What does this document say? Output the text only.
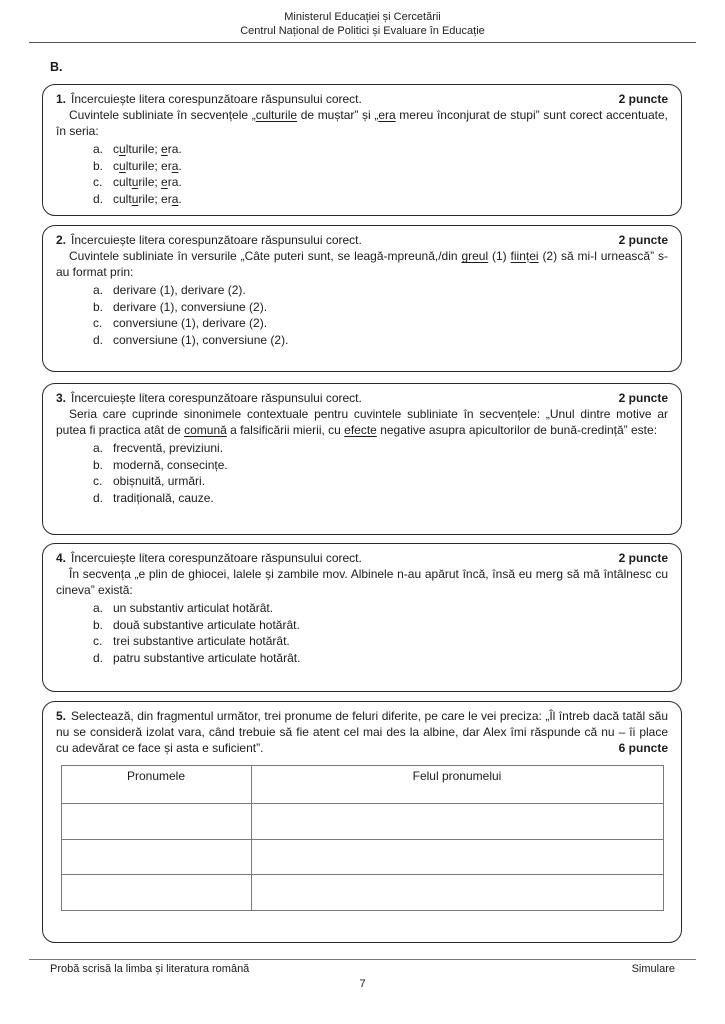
Ministerul Educației și Cercetării
Centrul Național de Politici și Evaluare în Educație
B.
2 puncte
1. Încercuiește litera corespunzătoare răspunsului corect.

Cuvintele subliniate în secvențele „culturile de muștar” și „era mereu înconjurat de stupi” sunt corect accentuate, în seria:

a. culturile; era.
b. culturile; era.
c. culturile; era.
d. culturile; era.
2 puncte
2. Încercuiește litera corespunzătoare răspunsului corect.

Cuvintele subliniate în versurile „Câte puteri sunt, se leagă-mpreună,/din greul (1) ființei (2) să mi-l urnească” s-au format prin:

a. derivare (1), derivare (2).
b. derivare (1), conversiune (2).
c. conversiune (1), derivare (2).
d. conversiune (1), conversiune (2).
2 puncte
3. Încercuiește litera corespunzătoare răspunsului corect.

Seria care cuprinde sinonimele contextuale pentru cuvintele subliniate în secvențele: „Unul dintre motive ar putea fi practica atât de comună a falsificării mierii, cu efecte negative asupra apicultorilor de bună-credință” este:

a. frecventă, previziuni.
b. modernă, consecințe.
c. obișnuită, urmări.
d. tradițională, cauze.
2 puncte
4. Încercuiește litera corespunzătoare răspunsului corect.

În secvența „e plin de ghiocei, lalele și zambile mov. Albinele n-au apărut încă, însă eu merg să mă întâlnesc cu cineva” există:

a. un substantiv articulat hotărât.
b. două substantive articulate hotărât.
c. trei substantive articulate hotărât.
d. patru substantive articulate hotărât.

5. Selectează, din fragmentul următor, trei pronume de feluri diferite, pe care le vei preciza: „Îl întreb dacă tatăl său nu se consideră izolat vara, când trebuie să fie atent cel mai des la albine, dar Alex îmi răspunde că nu – îi place cu adevărat ce face și asta e suficient”.	6 puncte

Pronumele	Felul pronumelui

Probă scrisă la limba și literatura română	Simulare
7
